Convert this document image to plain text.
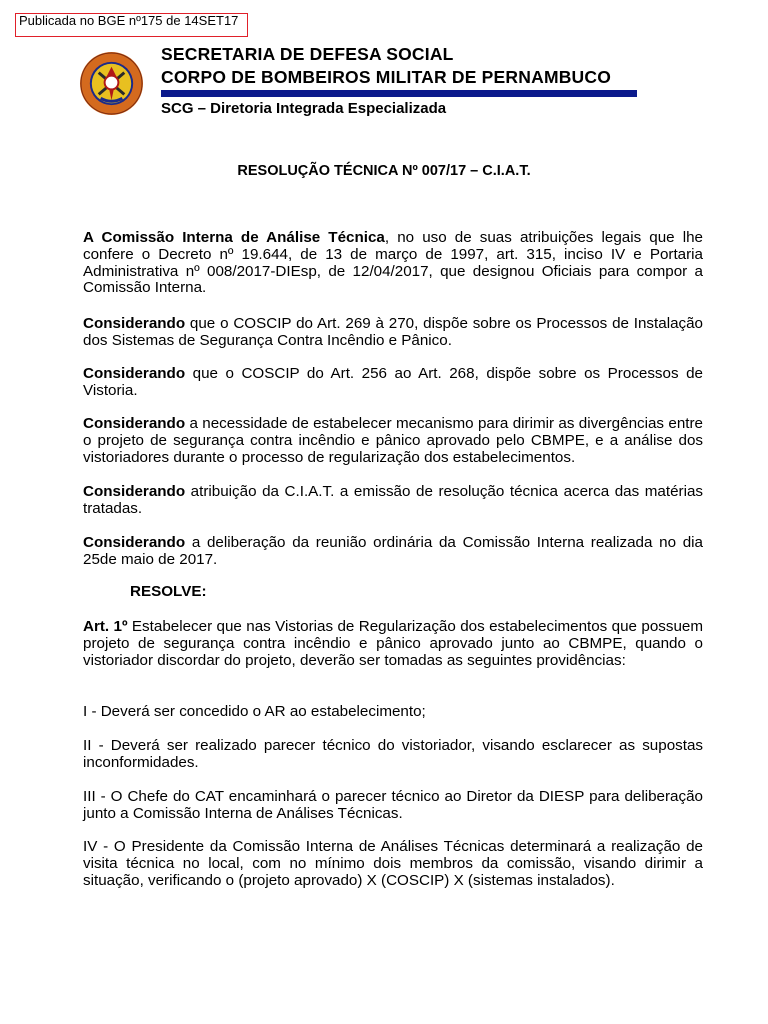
Publicada no BGE nº175 de 14SET17
SECRETARIA DE DEFESA SOCIAL
CORPO DE BOMBEIROS MILITAR DE PERNAMBUCO
SCG – Diretoria Integrada Especializada
RESOLUÇÃO TÉCNICA Nº 007/17 – C.I.A.T.
A Comissão Interna de Análise Técnica, no uso de suas atribuições legais que lhe confere o Decreto nº 19.644, de 13 de março de 1997, art. 315, inciso IV e Portaria Administrativa nº 008/2017-DIEsp, de 12/04/2017, que designou Oficiais para compor a Comissão Interna.
Considerando que o COSCIP do Art. 269 à 270, dispõe sobre os Processos de Instalação dos Sistemas de Segurança Contra Incêndio e Pânico.
Considerando que o COSCIP do Art. 256 ao Art. 268, dispõe sobre os Processos de Vistoria.
Considerando a necessidade de estabelecer mecanismo para dirimir as divergências entre o projeto de segurança contra incêndio e pânico aprovado pelo CBMPE, e a análise dos vistoriadores durante o processo de regularização dos estabelecimentos.
Considerando atribuição da C.I.A.T. a emissão de resolução técnica acerca das matérias tratadas.
Considerando a deliberação da reunião ordinária da Comissão Interna realizada no dia 25de maio de 2017.
RESOLVE:
Art. 1º Estabelecer que nas Vistorias de Regularização dos estabelecimentos que possuem projeto de segurança contra incêndio e pânico aprovado junto ao CBMPE, quando o vistoriador discordar do projeto, deverão ser tomadas as seguintes providências:
I - Deverá ser concedido o AR ao estabelecimento;
II - Deverá ser realizado parecer técnico do vistoriador, visando esclarecer as supostas inconformidades.
III - O Chefe do CAT encaminhará o parecer técnico ao Diretor da DIESP para deliberação junto a Comissão Interna de Análises Técnicas.
IV - O Presidente da Comissão Interna de Análises Técnicas determinará a realização de visita técnica no local, com no mínimo dois membros da comissão, visando dirimir a situação, verificando o (projeto aprovado) X (COSCIP) X (sistemas instalados).
